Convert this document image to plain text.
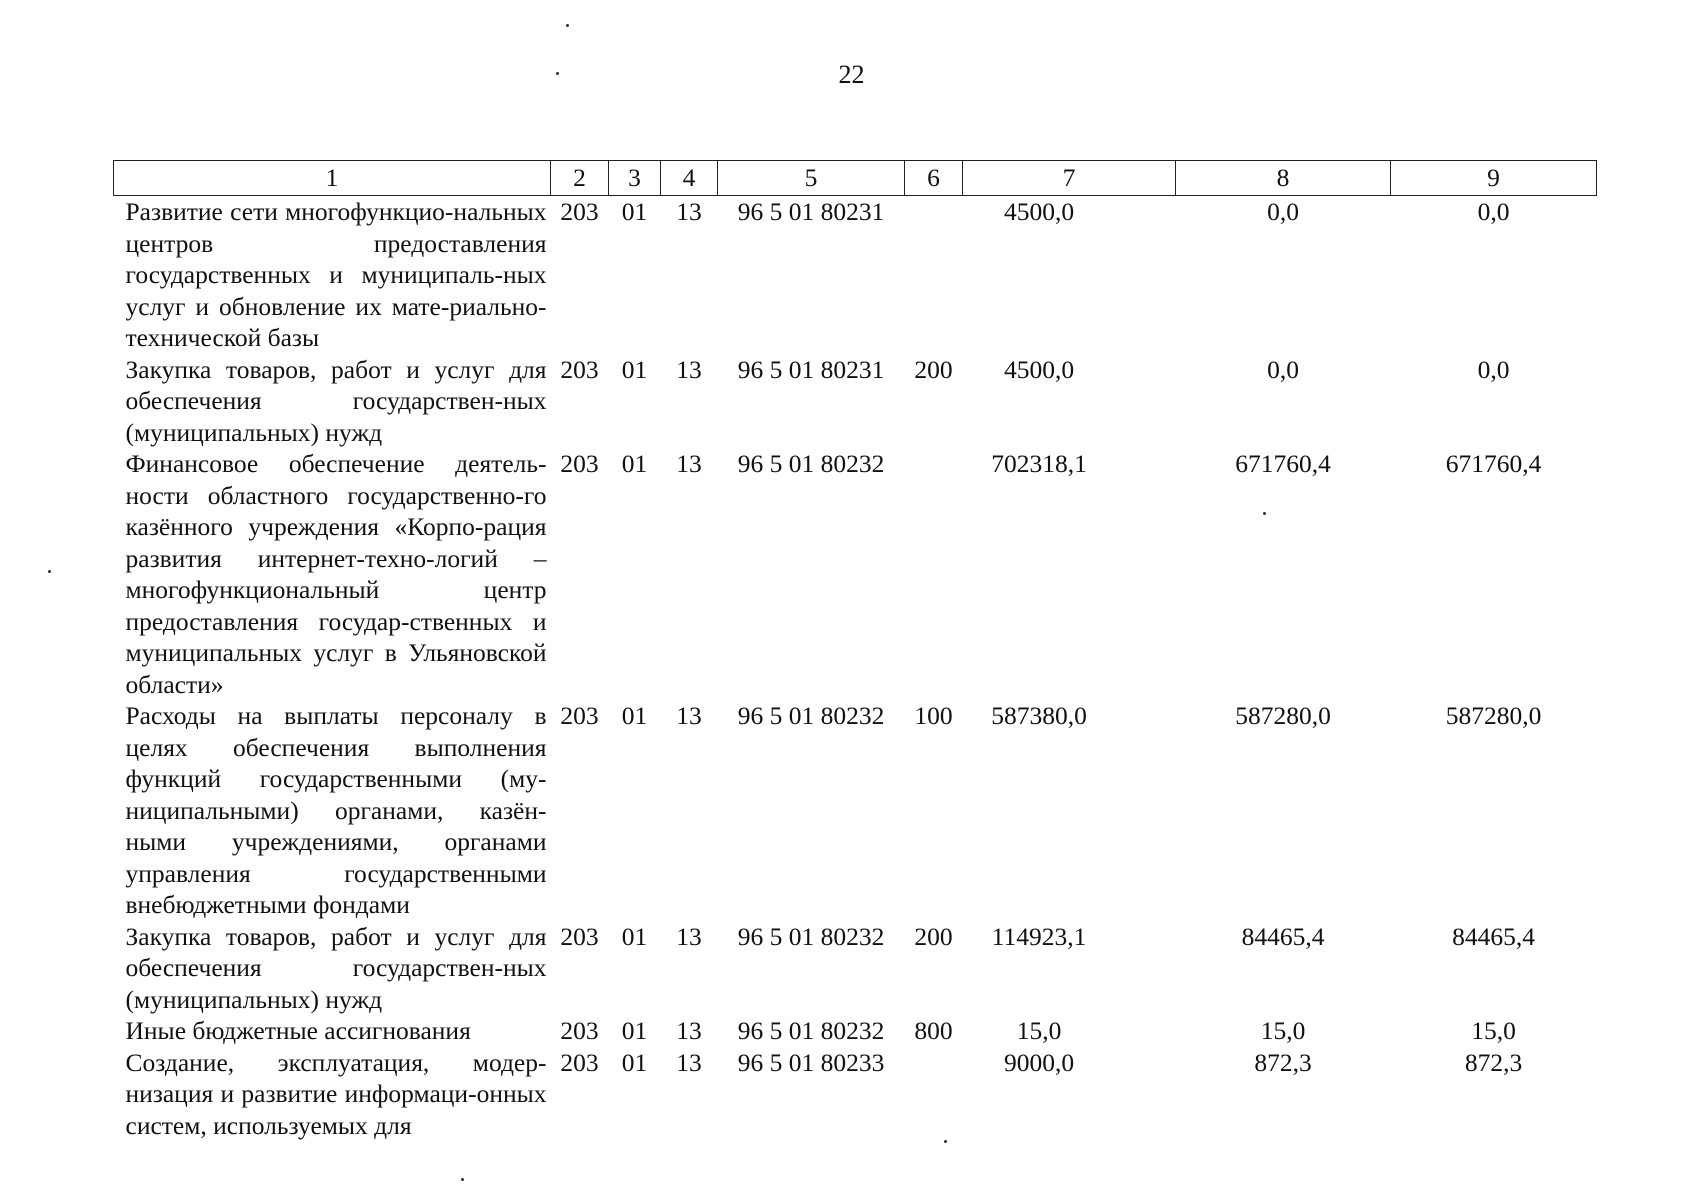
22
1	2	3	4	5	6	7	8	9
Развитие сети многофункцио-нальных центров предоставления государственных и муниципаль-ных услуг и обновление их мате-риально-технической базы	203	01	13	96 5 01 80231		4500,0	0,0	0,0
Закупка товаров, работ и услуг для обеспечения государствен-ных (муниципальных) нужд	203	01	13	96 5 01 80231	200	4500,0	0,0	0,0
Финансовое обеспечение деятель-ности областного государственно-го казённого учреждения «Корпо-рация развития интернет-техно-логий – многофункциональный центр предоставления государ-ственных и муниципальных услуг в Ульяновской области»	203	01	13	96 5 01 80232		702318,1	671760,4	671760,4
Расходы на выплаты персоналу в целях обеспечения выполнения функций государственными (му-ниципальными) органами, казён-ными учреждениями, органами управления государственными внебюджетными фондами	203	01	13	96 5 01 80232	100	587380,0	587280,0	587280,0
Закупка товаров, работ и услуг для обеспечения государствен-ных (муниципальных) нужд	203	01	13	96 5 01 80232	200	114923,1	84465,4	84465,4
Иные бюджетные ассигнования	203	01	13	96 5 01 80232	800	15,0	15,0	15,0
Создание, эксплуатация, модер-низация и развитие информаци-онных систем, используемых для	203	01	13	96 5 01 80233		9000,0	872,3	872,3
